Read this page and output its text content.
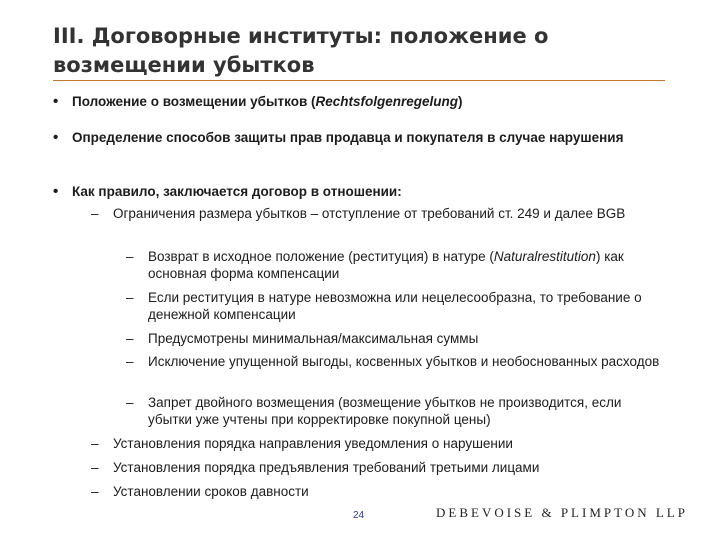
III. Договорные институты: положение о возмещении убытков
• Положение о возмещении убытков (Rechtsfolgenregelung)
• Определение способов защиты прав продавца и покупателя в случае нарушения
• Как правило, заключается договор в отношении:
– Ограничения размера убытков – отступление от требований ст. 249 и далее BGB
– Возврат в исходное положение (реституция) в натуре (Naturalrestitution) как основная форма компенсации
– Если реституция в натуре невозможна или нецелесообразна, то требование о денежной компенсации
– Предусмотрены минимальная/максимальная суммы
– Исключение упущенной выгоды, косвенных убытков и необоснованных расходов
– Запрет двойного возмещения (возмещение убытков не производится, если убытки уже учтены при корректировке покупной цены)
– Установления порядка направления уведомления о нарушении
– Установления порядка предъявления требований третьими лицами
– Установлении сроков давности
24	DEBEVOISE & PLIMPTON LLP
